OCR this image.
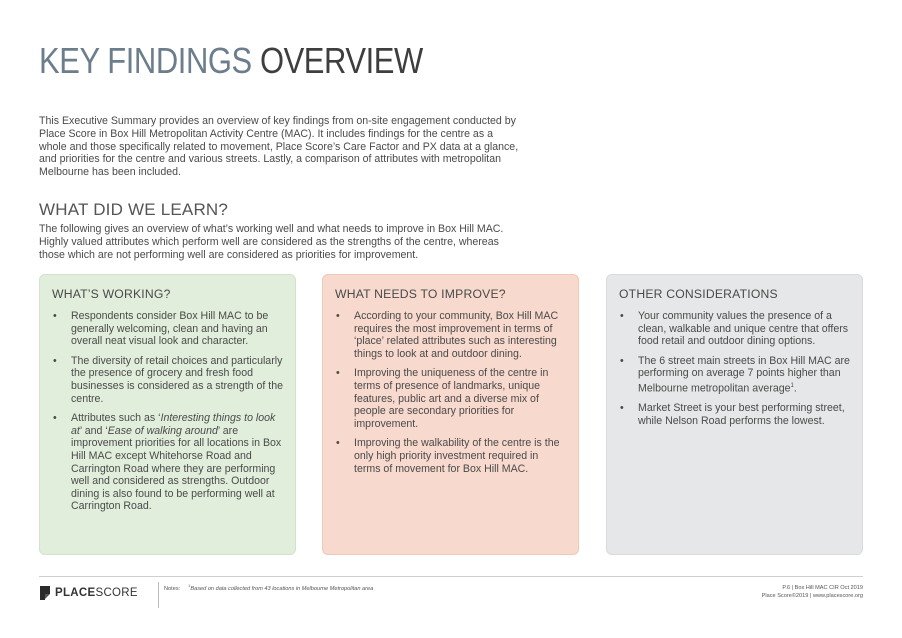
KEY FINDINGS OVERVIEW

This Executive Summary provides an overview of key findings from on-site engagement conducted by Place Score in Box Hill Metropolitan Activity Centre (MAC). It includes findings for the centre as a whole and those specifically related to movement, Place Score’s Care Factor and PX data at a glance, and priorities for the centre and various streets. Lastly, a comparison of attributes with metropolitan Melbourne has been included.

WHAT DID WE LEARN?

The following gives an overview of what’s working well and what needs to improve in Box Hill MAC. Highly valued attributes which perform well are considered as the strengths of the centre, whereas those which are not performing well are considered as priorities for improvement.

WHAT’S WORKING?
• Respondents consider Box Hill MAC to be generally welcoming, clean and having an overall neat visual look and character.
• The diversity of retail choices and particularly the presence of grocery and fresh food businesses is considered as a strength of the centre.
• Attributes such as ‘Interesting things to look at’ and ‘Ease of walking around’ are improvement priorities for all locations in Box Hill MAC except Whitehorse Road and Carrington Road where they are performing well and considered as strengths. Outdoor dining is also found to be performing well at Carrington Road.
WHAT NEEDS TO IMPROVE?
• According to your community, Box Hill MAC requires the most improvement in terms of ‘place’ related attributes such as interesting things to look at and outdoor dining.
• Improving the uniqueness of the centre in terms of presence of landmarks, unique features, public art and a diverse mix of people are secondary priorities for improvement.
• Improving the walkability of the centre is the only high priority investment required in terms of movement for Box Hill MAC.
OTHER CONSIDERATIONS
• Your community values the presence of a clean, walkable and unique centre that offers food retail and outdoor dining options.
• The 6 street main streets in Box Hill MAC are performing on average 7 points higher than Melbourne metropolitan average$^1$.
• Market Street is your best performing street, while Nelson Road performs the lowest.
PLACESCORE	Notes:$^1$Based on data collected from 43 locations in Melbourne Metropolitan area	P.6 | Box Hill MAC CIR Oct 2019
Place Score©2019 | www.placescore.org
